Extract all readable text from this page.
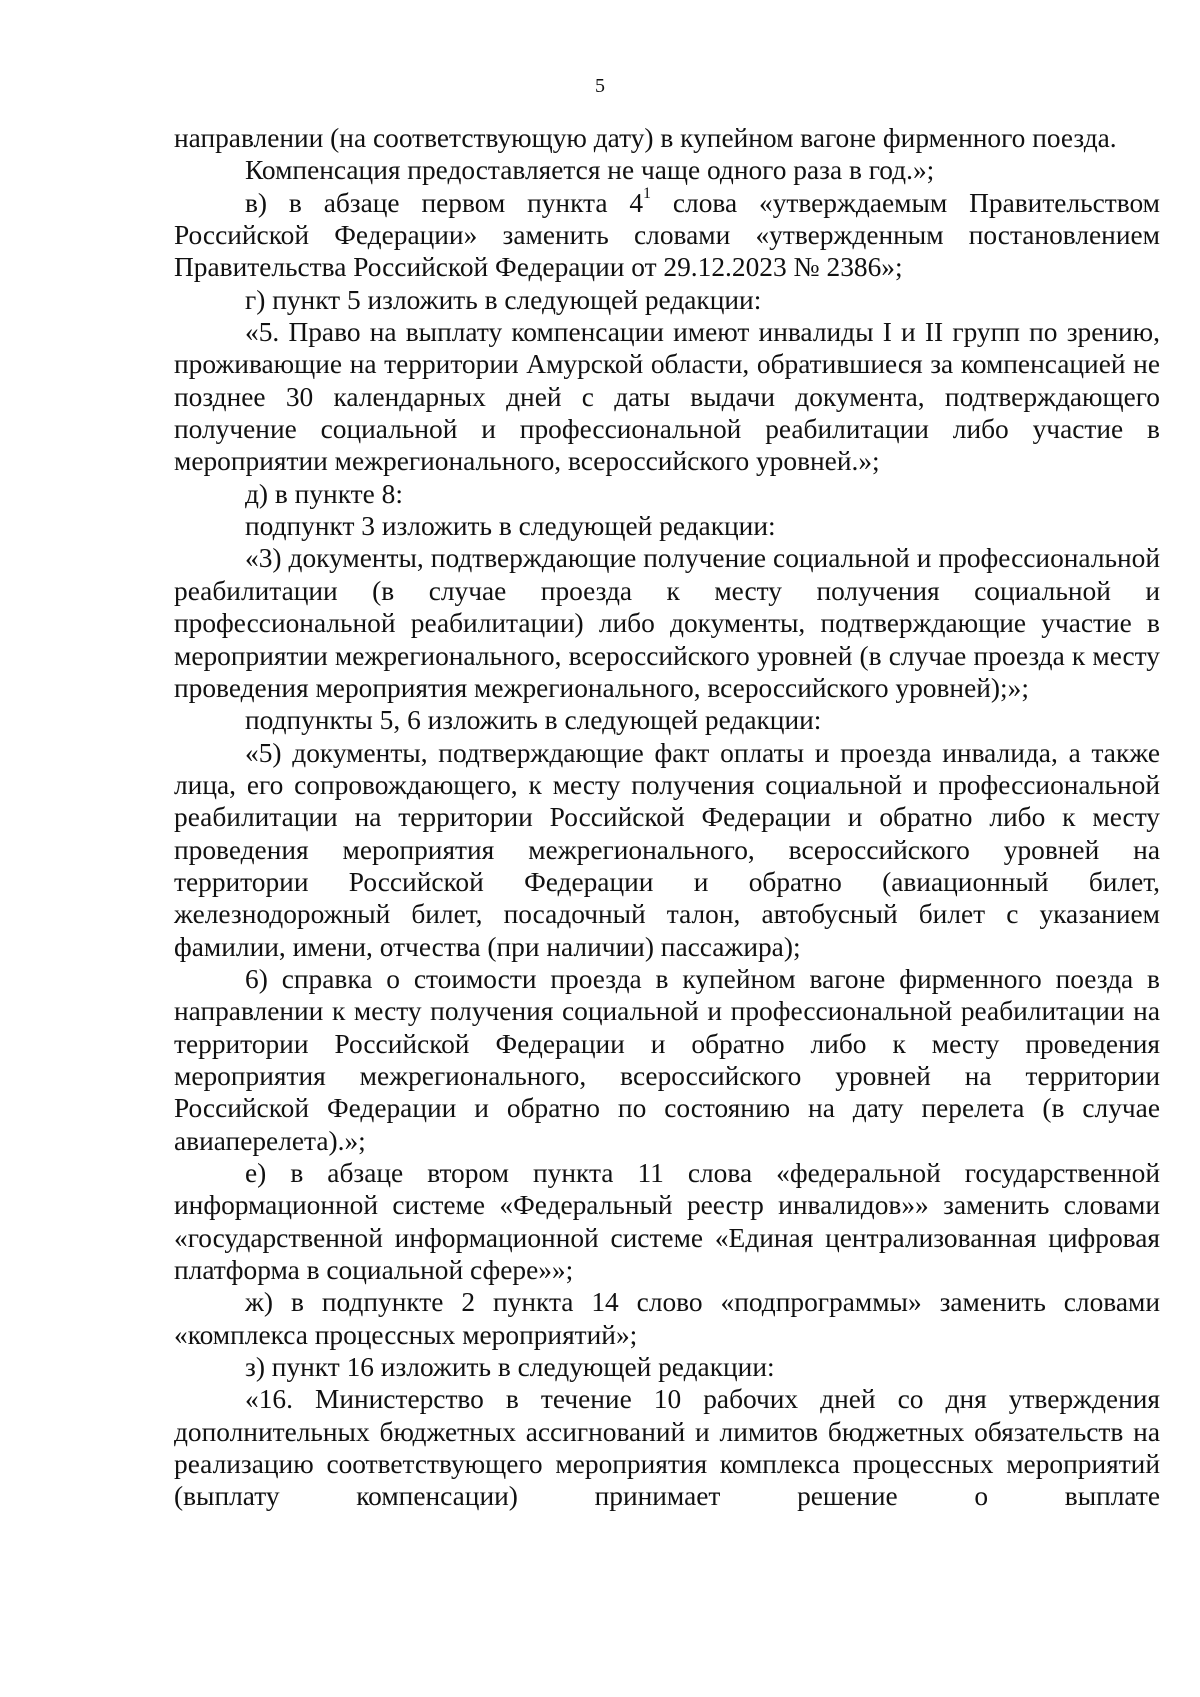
5

направлении (на соответствующую дату) в купейном вагоне фирменного поезда.

Компенсация предоставляется не чаще одного раза в год.»;

в) в абзаце первом пункта $4^1$ слова «утверждаемым Правительством Российской Федерации» заменить словами «утвержденным постановлением Правительства Российской Федерации от 29.12.2023 № 2386»;

г) пункт 5 изложить в следующей редакции:

«5. Право на выплату компенсации имеют инвалиды I и II групп по зрению, проживающие на территории Амурской области, обратившиеся за компенсацией не позднее 30 календарных дней с даты выдачи документа, подтверждающего получение социальной и профессиональной реабилитации либо участие в мероприятии межрегионального, всероссийского уровней.»;

д) в пункте 8:

подпункт 3 изложить в следующей редакции:

«3) документы, подтверждающие получение социальной и профессиональной реабилитации (в случае проезда к месту получения социальной и профессиональной реабилитации) либо документы, подтверждающие участие в мероприятии межрегионального, всероссийского уровней (в случае проезда к месту проведения мероприятия межрегионального, всероссийского уровней);»;

подпункты 5, 6 изложить в следующей редакции:

«5) документы, подтверждающие факт оплаты и проезда инвалида, а также лица, его сопровождающего, к месту получения социальной и профессиональной реабилитации на территории Российской Федерации и обратно либо к месту проведения мероприятия межрегионального, всероссийского уровней на территории Российской Федерации и обратно (авиационный билет, железнодорожный билет, посадочный талон, автобусный билет с указанием фамилии, имени, отчества (при наличии) пассажира);

6) справка о стоимости проезда в купейном вагоне фирменного поезда в направлении к месту получения социальной и профессиональной реабилитации на территории Российской Федерации и обратно либо к месту проведения мероприятия межрегионального, всероссийского уровней на территории Российской Федерации и обратно по состоянию на дату перелета (в случае авиаперелета).»;

е) в абзаце втором пункта 11 слова «федеральной государственной информационной системе «Федеральный реестр инвалидов»» заменить словами «государственной информационной системе «Единая централизованная цифровая платформа в социальной сфере»»;

ж) в подпункте 2 пункта 14 слово «подпрограммы» заменить словами «комплекса процессных мероприятий»;

з) пункт 16 изложить в следующей редакции:

«16. Министерство в течение 10 рабочих дней со дня утверждения дополнительных бюджетных ассигнований и лимитов бюджетных обязательств на реализацию соответствующего мероприятия комплекса процессных мероприятий (выплату компенсации) принимает решение о выплате
